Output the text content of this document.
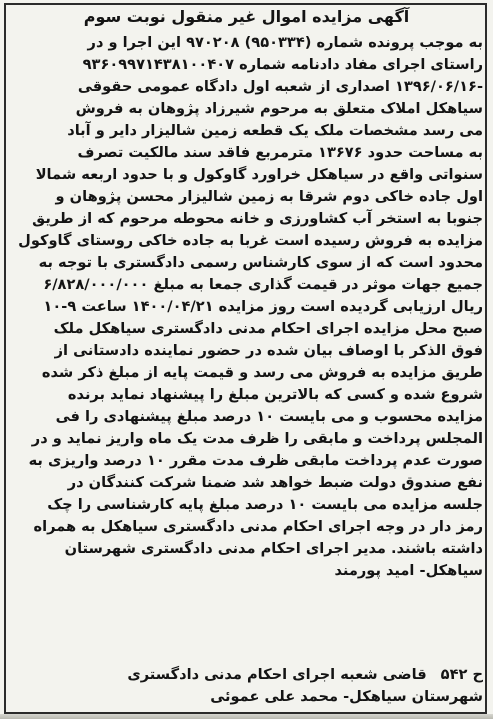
آگهی مزایده اموال غیر منقول نوبت سوم
به موجب پرونده شماره (۹۵۰۳۳۴) ۹۷۰۲۰۸ این اجرا و در
راستای اجرای مفاد دادنامه شماره ۹۳۶۰۹۹۷۱۴۳۸۱۰۰۴۰۷
-۱۳۹۶/۰۶/۱۶ اصداری از شعبه اول دادگاه عمومی حقوقی
سیاهکل املاک متعلق به مرحوم شیرزاد پژوهان به فروش
می رسد مشخصات ملک یک قطعه زمین شالیزار دایر و آباد
به مساحت حدود ۱۳۶۷۶ مترمربع فاقد سند مالکیت تصرف
سنواتی واقع در سیاهکل خراورد گاوکول و با حدود اربعه شمالا
اول جاده خاکی دوم شرقا به زمین شالیزار محسن پژوهان و
جنوبا به استخر آب کشاورزی و خانه محوطه مرحوم که از طریق
مزایده به فروش رسیده است غربا به جاده خاکی روستای گاوکول
محدود است که از سوی کارشناس رسمی دادگستری با توجه به
جمیع جهات موثر در قیمت گذاری جمعا به مبلغ ۶/۸۲۸/۰۰۰/۰۰۰
ریال ارزیابی گردیده است روز مزایده ۱۴۰۰/۰۴/۲۱ ساعت ۹-۱۰
صبح محل مزایده اجرای احکام مدنی دادگستری سیاهکل ملک
فوق الذکر با اوصاف بیان شده در حضور نماینده دادستانی از
طریق مزایده به فروش می رسد و قیمت پایه از مبلغ ذکر شده
شروع شده و کسی که بالاترین مبلغ را پیشنهاد نماید برنده
مزایده محسوب و می بایست ۱۰ درصد مبلغ پیشنهادی را فی
المجلس پرداخت و مابقی را ظرف مدت یک ماه واریز نماید و در
صورت عدم پرداخت مابقی ظرف مدت مقرر ۱۰ درصد واریزی به
نفع صندوق دولت ضبط خواهد شد ضمنا شرکت کنندگان در
جلسه مزایده می بایست ۱۰ درصد مبلغ پایه کارشناسی را چک
رمز دار در وجه اجرای احکام مدنی دادگستری سیاهکل به همراه
داشته باشند. مدیر اجرای احکام مدنی دادگستری شهرستان
سیاهکل- امید پورمند
ح ۵۴۲قاضی شعبه اجرای احکام مدنی دادگستری
شهرستان سیاهکل- محمد علی عموئی
